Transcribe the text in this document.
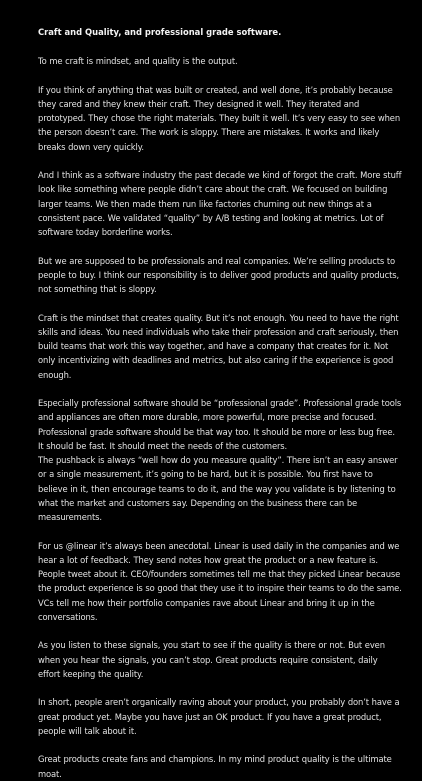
Craft and Quality, and professional grade software.

To me craft is mindset, and quality is the output.

If you think of anything that was built or created, and well done, it’s probably because they cared and they knew their craft. They designed it well. They iterated and prototyped. They chose the right materials. They built it well. It’s very easy to see when the person doesn’t care. The work is sloppy. There are mistakes. It works and likely breaks down very quickly.

And I think as a software industry the past decade we kind of forgot the craft. More stuff look like something where people didn’t care about the craft. We focused on building larger teams. We then made them run like factories churning out new things at a consistent pace. We validated “quality” by A/B testing and looking at metrics. Lot of software today borderline works.

But we are supposed to be professionals and real companies. We’re selling products to people to buy. I think our responsibility is to deliver good products and quality products, not something that is sloppy.

Craft is the mindset that creates quality. But it’s not enough. You need to have the right skills and ideas. You need individuals who take their profession and craft seriously, then build teams that work this way together, and have a company that creates for it. Not only incentivizing with deadlines and metrics, but also caring if the experience is good enough.

Especially professional software should be “professional grade”. Professional grade tools and appliances are often more durable, more powerful, more precise and focused. Professional grade software should be that way too. It should be more or less bug free. It should be fast. It should meet the needs of the customers.

The pushback is always “well how do you measure quality”. There isn’t an easy answer or a single measurement, it’s going to be hard, but it is possible. You first have to believe in it, then encourage teams to do it, and the way you validate is by listening to what the market and customers say. Depending on the business there can be measurements.

For us @linear it’s always been anecdotal. Linear is used daily in the companies and we hear a lot of feedback. They send notes how great the product or a new feature is. People tweet about it. CEO/founders sometimes tell me that they picked Linear because the product experience is so good that they use it to inspire their teams to do the same. VCs tell me how their portfolio companies rave about Linear and bring it up in the conversations.

As you listen to these signals, you start to see if the quality is there or not. But even when you hear the signals, you can’t stop. Great products require consistent, daily effort keeping the quality.

In short, people aren’t organically raving about your product, you probably don’t have a great product yet. Maybe you have just an OK product. If you have a great product, people will talk about it.

Great products create fans and champions. In my mind product quality is the ultimate moat.
